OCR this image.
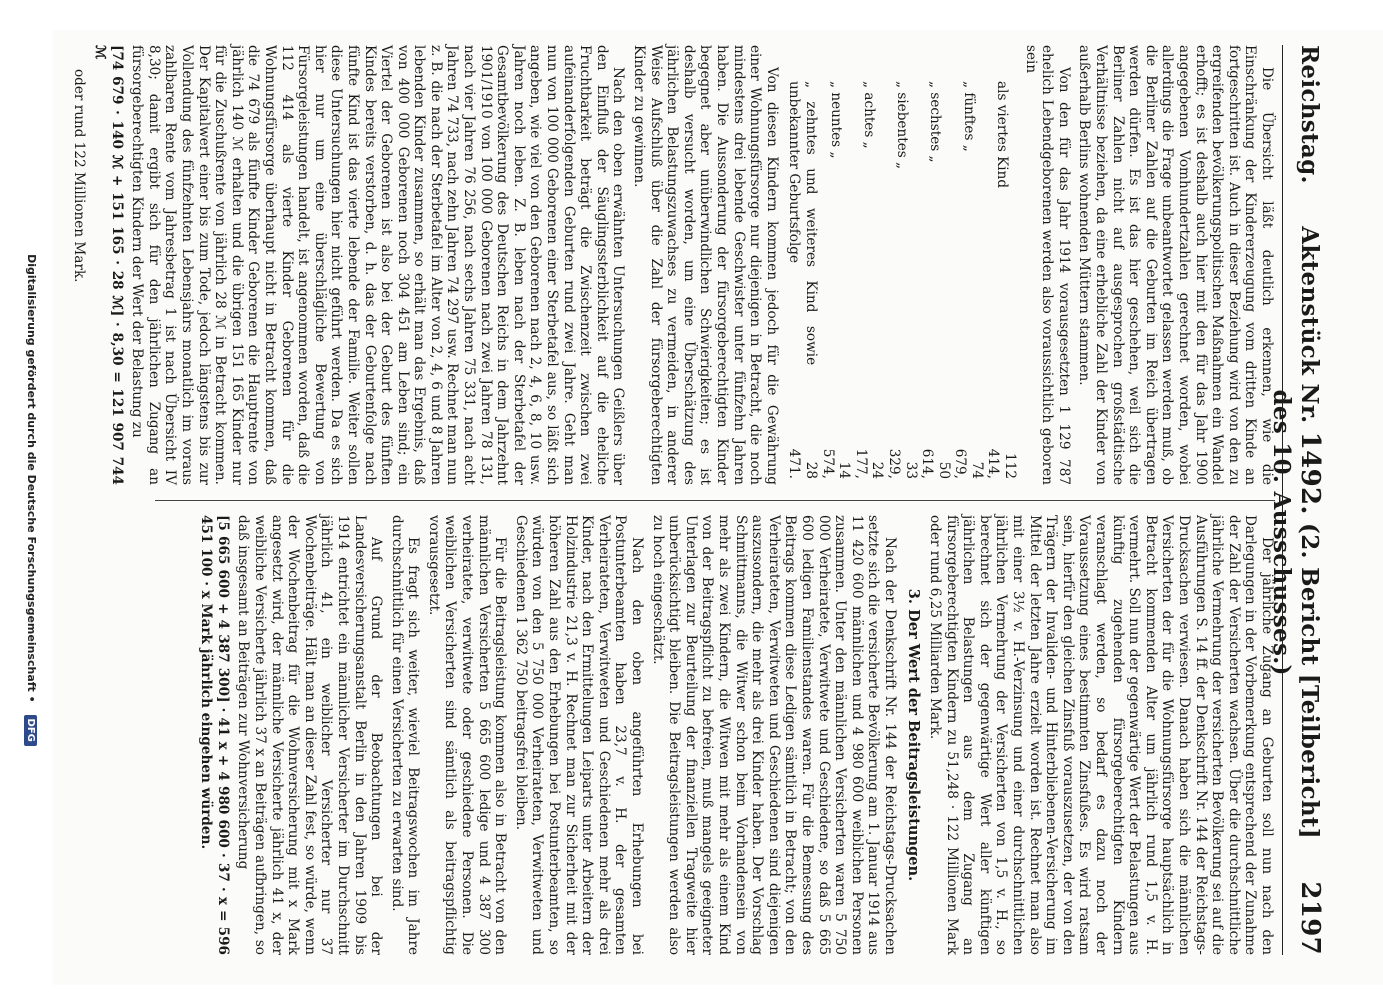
Reichstag.
Aktenstück Nr. 1492. (2. Bericht [Teilbericht] des 10. Ausschusses.)
2197

Die Übersicht läßt deutlich erkennen, wie die Einschränkung der Kindererzeugung vom dritten Kinde an fortgeschritten ist. Auch in dieser Beziehung wird von den zu ergreifenden bevölkerungspolitischen Maßnahmen ein Wandel erhofft; es ist deshalb auch hier mit den für das Jahr 1900 angegebenen Vomhundertzahlen gerechnet worden, wobei allerdings die Frage unbeantwortet gelassen werden muß, ob die Berliner Zahlen auf die Geburten im Reich übertragen werden dürfen. Es ist das hier geschehen, weil sich die Berliner Zahlen nicht auf ausgesprochen großstädtische Verhältnisse beziehen, da eine erhebliche Zahl der Kinder von außerhalb Berlins wohnenden Müttern stammen.

Von den für das Jahr 1914 vorausgesetzten 1 129 787 ehelich Lebendgeborenen werden also voraussichtlich geboren sein

als viertes Kind	112 414,
„ fünftes „	74 679,
„ sechstes „	50 614,
„ siebentes „	33 329,
„ achtes „	24 177,
„ neuntes „	14 574,
„ zehntes und weiteres Kind sowie unbekannter Geburtsfolge	28 471.

Von diesen Kindern kommen jedoch für die Gewährung einer Wohnungsfürsorge nur diejenigen in Betracht, die noch mindestens drei lebende Geschwister unter fünfzehn Jahren haben. Die Aussonderung der fürsorgeberechtigten Kinder begegnet aber unüberwindlichen Schwierigkeiten; es ist deshalb versucht worden, um eine Überschätzung des jährlichen Belastungszuwachses zu vermeiden, in anderer Weise Aufschluß über die Zahl der fürsorgeberechtigten Kinder zu gewinnen.

Nach den oben erwähnten Untersuchungen Geißlers über den Einfluß der Säuglingssterblichkeit auf die eheliche Fruchtbarkeit beträgt die Zwischenzeit zwischen zwei aufeinanderfolgenden Geburten rund zwei Jahre. Geht man nun von 100 000 Geborenen einer Sterbetafel aus, so läßt sich angeben, wie viel von den Geborenen nach 2, 4, 6, 8, 10 usw. Jahren noch leben. Z. B. leben nach der Sterbetafel der Gesamtbevölkerung des Deutschen Reichs in dem Jahrzehnt 1901/1910 von 100 000 Geborenen nach zwei Jahren 78 131, nach vier Jahren 76 256, nach sechs Jahren 75 331, nach acht Jahren 74 733, nach zehn Jahren 74 297 usw. Rechnet man nun z. B. die nach der Sterbetafel im Alter von 2, 4, 6 und 8 Jahren lebenden Kinder zusammen, so erhält man das Ergebnis, daß von 400 000 Geborenen noch 304 451 am Leben sind; ein Viertel der Geborenen ist also bei der Geburt des fünften Kindes bereits verstorben, d. h. das der Geburtenfolge nach fünfte Kind ist das vierte lebende der Familie. Weiter sollen diese Untersuchungen hier nicht geführt werden. Da es sich hier nur um eine überschlägliche Bewertung von Fürsorgeleistungen handelt, ist angenommen worden, daß die 112 414 als vierte Kinder Geborenen für die Wohnungsfürsorge überhaupt nicht in Betracht kommen, daß die 74 679 als fünfte Kinder Geborenen die Hauptrente von jährlich 140 ℳ erhalten und die übrigen 151 165 Kinder nur für die Zuschußrente von jährlich 28 ℳ in Betracht kommen. Der Kapitalwert einer bis zum Tode, jedoch längstens bis zur Vollendung des fünfzehnten Lebensjahrs monatlich im voraus zahlbaren Rente vom Jahresbetrag 1 ist nach Übersicht IV 8,30; damit ergibt sich für den jährlichen Zugang an fürsorgeberechtigten Kindern der Wert der Belastung zu

[74 679 · 140 ℳ + 151 165 · 28 ℳ] · 8,30 = 121 907 744 ℳ

oder rund 122 Millionen Mark.

Der jährliche Zugang an Geburten soll nun nach den Darlegungen in der Vorbemerkung entsprechend der Zunahme der Zahl der Versicherten wachsen. Über die durchschnittliche jährliche Vermehrung der versicherten Bevölkerung sei auf die Ausführungen S. 14 ff. der Denkschrift Nr. 144 der Reichstags-Drucksachen verwiesen. Danach haben sich die männlichen Versicherten der für die Wohnungsfürsorge hauptsächlich in Betracht kommenden Alter um jährlich rund 1,5 v. H. vermehrt. Soll nun der gegenwärtige Wert der Belastungen aus künftig zugehenden fürsorgeberechtigten Kindern veranschlagt werden, so bedarf es dazu noch der Voraussetzung eines bestimmten Zinsfußes. Es wird ratsam sein, hierfür den gleichen Zinsfuß vorauszusetzen, der von den Trägern der Invaliden- und Hinterbliebenen-Versicherung im Mittel der letzten Jahre erzielt worden ist. Rechnet man also mit einer 3½ v. H.-Verzinsung und einer durchschnittlichen jährlichen Vermehrung der Versicherten von 1,5 v. H., so berechnet sich der gegenwärtige Wert aller künftigen jährlichen Belastungen aus dem Zugang an fürsorgeberechtigten Kindern zu 51,248 · 122 Millionen Mark oder rund 6,25 Milliarden Mark.

3. Der Wert der Beitragsleistungen.

Nach der Denkschrift Nr. 144 der Reichstags-Drucksachen setzte sich die versicherte Bevölkerung am 1. Januar 1914 aus 11 420 600 männlichen und 4 980 600 weiblichen Personen zusammen. Unter den männlichen Versicherten waren 5 750 000 Verheiratete, Verwitwete und Geschiedene, so daß 5 665 600 ledigen Familienstandes waren. Für die Bemessung des Beitrags kommen diese Ledigen sämtlich in Betracht; von den Verheirateten, Verwitweten und Geschiedenen sind diejenigen auszusondern, die mehr als drei Kinder haben. Der Vorschlag Schmittmanns, die Witwer schon beim Vorhandensein von mehr als zwei Kindern, die Witwen mit mehr als einem Kind von der Beitragspflicht zu befreien, muß mangels geeigneter Unterlagen zur Beurteilung der finanziellen Tragweite hier unberücksichtigt bleiben. Die Beitragsleistungen werden also zu hoch eingeschätzt.

Nach den oben angeführten Erhebungen bei Postunterbeamten haben 23,7 v. H. der gesamten Verheirateten, Verwitweten und Geschiedenen mehr als drei Kinder, nach den Ermittelungen Leiparts unter Arbeitern der Holzindustrie 21,3 v. H. Rechnet man zur Sicherheit mit der höheren Zahl aus den Erhebungen bei Postunterbeamten, so würden von den 5 750 000 Verheirateten, Verwitweten und Geschiedenen 1 362 750 beitragsfrei bleiben.

Für die Beitragsleistung kommen also in Betracht von den männlichen Versicherten 5 665 600 ledige und 4 387 300 verheiratete, verwitwete oder geschiedene Personen. Die weiblichen Versicherten sind sämtlich als beitragspflichtig vorausgesetzt.

Es fragt sich weiter, wieviel Beitragswochen im Jahre durchschnittlich für einen Versicherten zu erwarten sind.

Auf Grund der Beobachtungen bei der Landesversicherungsanstalt Berlin in den Jahren 1909 bis 1914 entrichtet ein männlicher Versicherter im Durchschnitt jährlich 41, ein weiblicher Versicherter nur 37 Wochenbeiträge. Hält man an dieser Zahl fest, so würde, wenn der Wochenbeitrag für die Wohnversicherung mit x Mark angesetzt wird, der männliche Versicherte jährlich 41 x, der weibliche Versicherte jährlich 37 x an Beiträgen aufbringen, so daß insgesamt an Beiträgen zur Wohnversicherung

[5 665 600 + 4 387 300] · 41 x + 4 980 600 · 37 · x = 596 451 100 · x Mark jährlich eingehen würden.

Digitalisierung gefördert durch die Deutsche Forschungsgemeinschaft • DFG
